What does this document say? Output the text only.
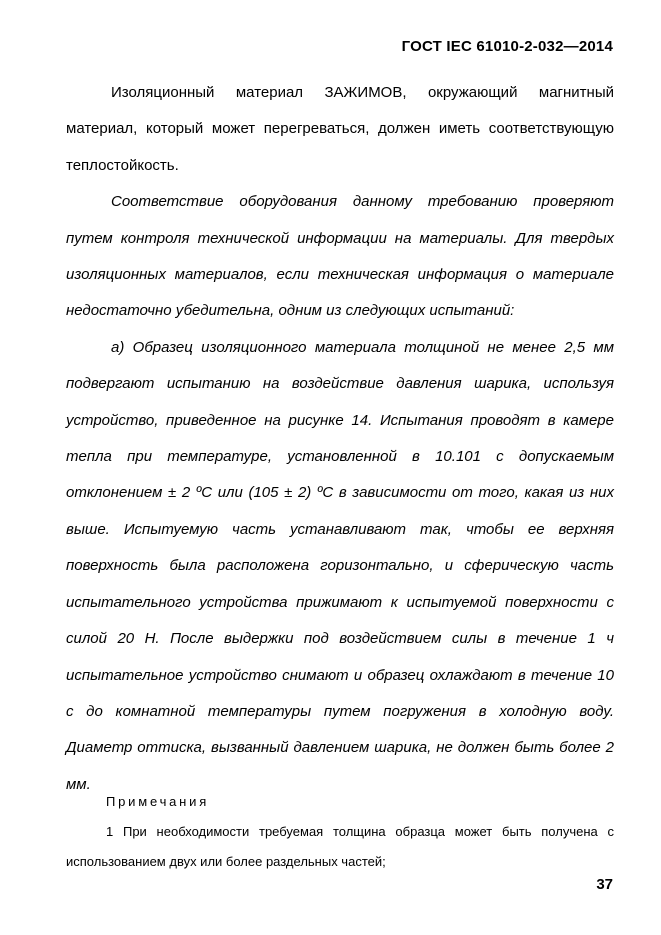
ГОСТ IEC 61010-2-032—2014

Изоляционный материал ЗАЖИМОВ, окружающий магнитный материал, который может перегреваться, должен иметь соответствующую теплостойкость.

Соответствие оборудования данному требованию проверяют путем контроля технической информации на материалы. Для твердых изоляционных материалов, если техническая информация о материале недостаточно убедительна, одним из следующих испытаний:

а) Образец изоляционного материала толщиной не менее 2,5 мм подвергают испытанию на воздействие давления шарика, используя устройство, приведенное на рисунке 14. Испытания проводят в камере тепла при температуре, установленной в 10.101 с допускаемым отклонением ± 2 ºС или (105 ± 2) ºС в зависимости от того, какая из них выше. Испытуемую часть устанавливают так, чтобы ее верхняя поверхность была расположена горизонтально, и сферическую часть испытательного устройства прижимают к испытуемой поверхности с силой 20 Н. После выдержки под воздействием силы в течение 1 ч испытательное устройство снимают и образец охлаждают в течение 10 с до комнатной температуры путем погружения в холодную воду. Диаметр оттиска, вызванный давлением шарика, не должен быть более 2 мм.

Примечания

1 При необходимости требуемая толщина образца может быть получена с использованием двух или более раздельных частей;

37
